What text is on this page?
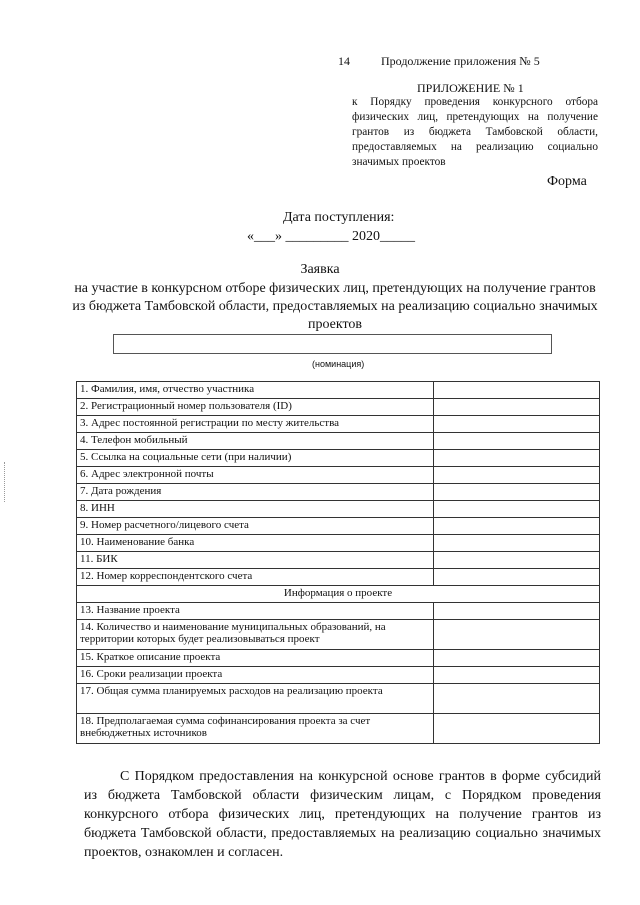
14	Продолжение приложения № 5
ПРИЛОЖЕНИЕ № 1
к Порядку проведения конкурсного отбора физических лиц, претендующих на получение грантов из бюджета Тамбовской области, предоставляемых на реализацию социально значимых проектов
Форма
Дата поступления:
«___» _________ 2020_____
Заявка
на участие в конкурсном отборе физических лиц, претендующих на получение грантов из бюджета Тамбовской области, предоставляемых на реализацию социально значимых проектов
(номинация)
1. Фамилия, имя, отчество участника	
2. Регистрационный номер пользователя (ID)	
3. Адрес постоянной регистрации по месту жительства	
4. Телефон мобильный	
5. Ссылка на социальные сети (при наличии)	
6. Адрес электронной почты	
7. Дата рождения	
8. ИНН	
9. Номер расчетного/лицевого счета	
10. Наименование банка	
11. БИК	
12. Номер корреспондентского счета	
Информация о проекте	
13. Название проекта	
14. Количество и наименование муниципальных образований, на территории которых будет реализовываться проект	
15. Краткое описание проекта	
16. Сроки реализации проекта	
17. Общая сумма планируемых расходов на реализацию проекта	
18. Предполагаемая сумма софинансирования проекта за счет внебюджетных источников	
С Порядком предоставления на конкурсной основе грантов в форме субсидий из бюджета Тамбовской области физическим лицам, с Порядком проведения конкурсного отбора физических лиц, претендующих на получение грантов из бюджета Тамбовской области, предоставляемых на реализацию социально значимых проектов, ознакомлен и согласен.
